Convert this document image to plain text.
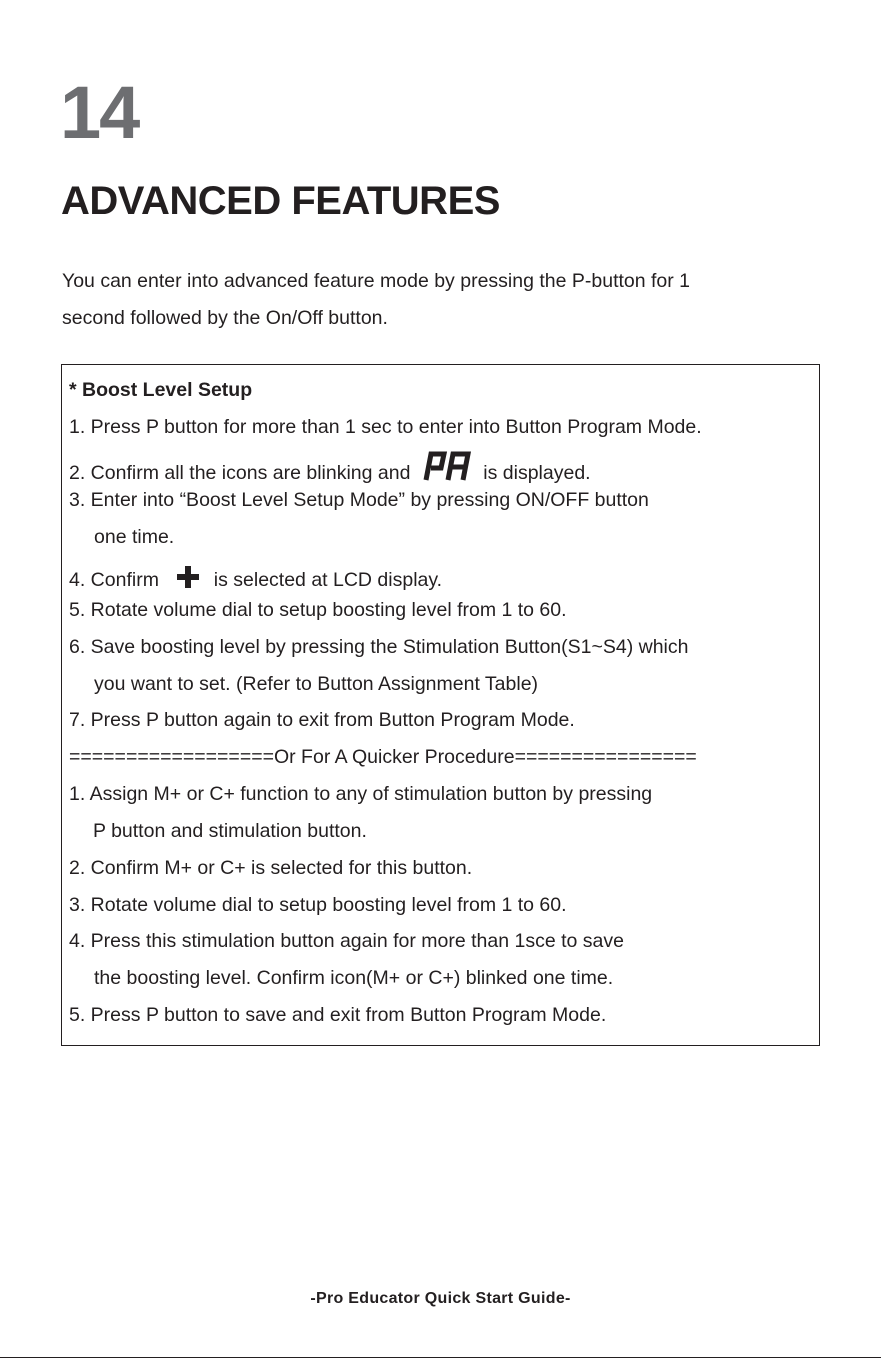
14
ADVANCED FEATURES
You can enter into advanced feature mode by pressing the P-button for 1
second followed by the On/Off button.
* Boost Level Setup
1. Press P button for more than 1 sec to enter into Button Program Mode.
2. Confirm all the icons are blinking and	is displayed.
3. Enter into “Boost Level Setup Mode” by pressing ON/OFF button
one time.
4. Confirm  is selected at LCD display.
5. Rotate volume dial to setup boosting level from 1 to 60.
6. Save boosting level by pressing the Stimulation Button(S1~S4) which
you want to set. (Refer to Button Assignment Table)
7. Press P button again to exit from Button Program Mode.
==================Or For A Quicker Procedure================
1. Assign M+ or C+ function to any of stimulation button by pressing
P button and stimulation button.
2. Confirm M+ or C+ is selected for this button.
3. Rotate volume dial to setup boosting level from 1 to 60.
4. Press this stimulation button again for more than 1sce to save
the boosting level. Confirm icon(M+ or C+) blinked one time.
5. Press P button to save and exit from Button Program Mode.
-Pro Educator Quick Start Guide-
